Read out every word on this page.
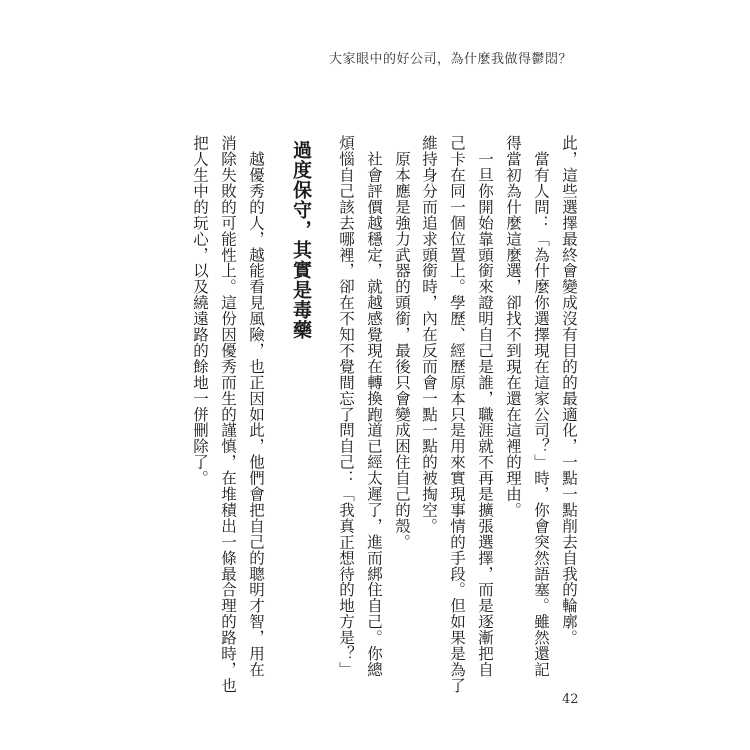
大家眼中的好公司，為什麼我做得鬱悶？
此，這些選擇最終會變成沒有目的的最適化，一點一點削去自我的輪廓。
　當有人問：「為什麼你選擇現在這家公司？」時，你會突然語塞。雖然還記
得當初為什麼這麼選，卻找不到現在還在這裡的理由。
　一旦你開始靠頭銜來證明自己是誰，職涯就不再是擴張選擇，而是逐漸把自
己卡在同一個位置上。學歷、經歷原本只是用來實現事情的手段。但如果是為了
維持身分而追求頭銜時，內在反而會一點一點的被掏空。
　原本應是強力武器的頭銜，最後只會變成困住自己的殼。
　社會評價越穩定，就越感覺現在轉換跑道已經太遲了，進而綁住自己。你總
煩惱自己該去哪裡，卻在不知不覺間忘了問自己：「我真正想待的地方是？」
過度保守，其實是毒藥
　越優秀的人，越能看見風險，也正因如此，他們會把自己的聰明才智，用在
消除失敗的可能性上。這份因優秀而生的謹慎，在堆積出一條最合理的路時，也
把人生中的玩心，以及繞遠路的餘地一併刪除了。
42
